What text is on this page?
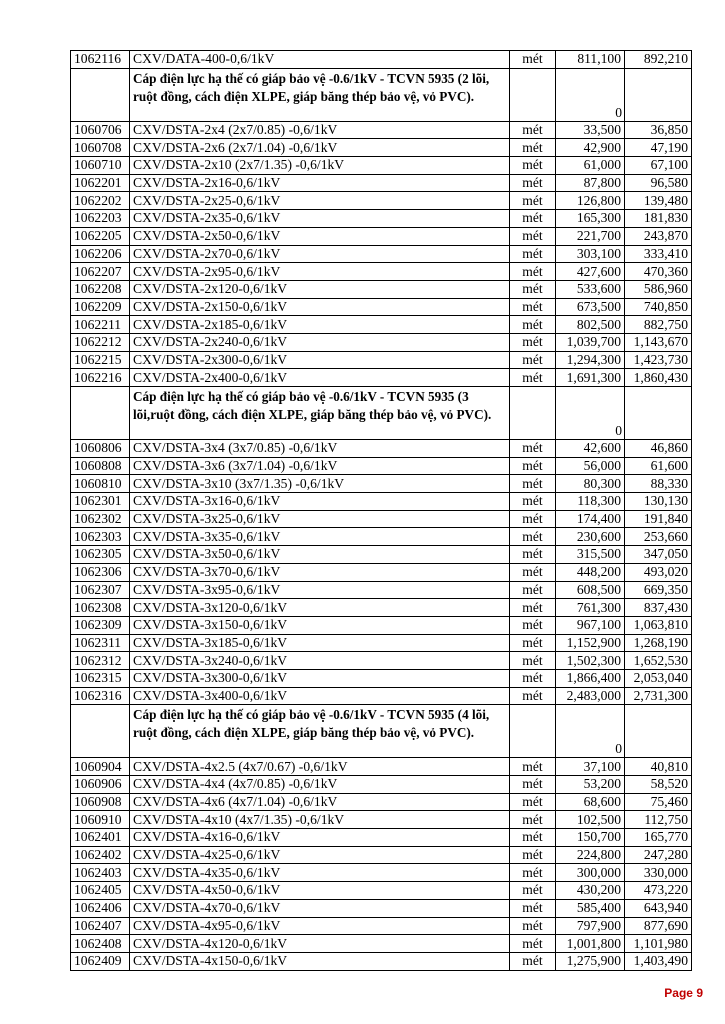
1062116	CXV/DATA-400-0,6/1kV	mét	811,100	892,210
	Cáp điện lực hạ thế có giáp bảo vệ -0.6/1kV - TCVN 5935 (2 lõi, ruột đồng, cách điện XLPE, giáp băng thép bảo vệ, vỏ PVC).		0	
1060706	CXV/DSTA-2x4 (2x7/0.85) -0,6/1kV	mét	33,500	36,850
1060708	CXV/DSTA-2x6 (2x7/1.04) -0,6/1kV	mét	42,900	47,190
1060710	CXV/DSTA-2x10 (2x7/1.35) -0,6/1kV	mét	61,000	67,100
1062201	CXV/DSTA-2x16-0,6/1kV	mét	87,800	96,580
1062202	CXV/DSTA-2x25-0,6/1kV	mét	126,800	139,480
1062203	CXV/DSTA-2x35-0,6/1kV	mét	165,300	181,830
1062205	CXV/DSTA-2x50-0,6/1kV	mét	221,700	243,870
1062206	CXV/DSTA-2x70-0,6/1kV	mét	303,100	333,410
1062207	CXV/DSTA-2x95-0,6/1kV	mét	427,600	470,360
1062208	CXV/DSTA-2x120-0,6/1kV	mét	533,600	586,960
1062209	CXV/DSTA-2x150-0,6/1kV	mét	673,500	740,850
1062211	CXV/DSTA-2x185-0,6/1kV	mét	802,500	882,750
1062212	CXV/DSTA-2x240-0,6/1kV	mét	1,039,700	1,143,670
1062215	CXV/DSTA-2x300-0,6/1kV	mét	1,294,300	1,423,730
1062216	CXV/DSTA-2x400-0,6/1kV	mét	1,691,300	1,860,430
	Cáp điện lực hạ thế có giáp bảo vệ -0.6/1kV - TCVN 5935 (3 lõi,ruột đồng, cách điện XLPE, giáp băng thép bảo vệ, vỏ PVC).		0	
1060806	CXV/DSTA-3x4 (3x7/0.85) -0,6/1kV	mét	42,600	46,860
1060808	CXV/DSTA-3x6 (3x7/1.04) -0,6/1kV	mét	56,000	61,600
1060810	CXV/DSTA-3x10 (3x7/1.35) -0,6/1kV	mét	80,300	88,330
1062301	CXV/DSTA-3x16-0,6/1kV	mét	118,300	130,130
1062302	CXV/DSTA-3x25-0,6/1kV	mét	174,400	191,840
1062303	CXV/DSTA-3x35-0,6/1kV	mét	230,600	253,660
1062305	CXV/DSTA-3x50-0,6/1kV	mét	315,500	347,050
1062306	CXV/DSTA-3x70-0,6/1kV	mét	448,200	493,020
1062307	CXV/DSTA-3x95-0,6/1kV	mét	608,500	669,350
1062308	CXV/DSTA-3x120-0,6/1kV	mét	761,300	837,430
1062309	CXV/DSTA-3x150-0,6/1kV	mét	967,100	1,063,810
1062311	CXV/DSTA-3x185-0,6/1kV	mét	1,152,900	1,268,190
1062312	CXV/DSTA-3x240-0,6/1kV	mét	1,502,300	1,652,530
1062315	CXV/DSTA-3x300-0,6/1kV	mét	1,866,400	2,053,040
1062316	CXV/DSTA-3x400-0,6/1kV	mét	2,483,000	2,731,300
	Cáp điện lực hạ thế có giáp bảo vệ -0.6/1kV - TCVN 5935 (4 lõi, ruột đồng, cách điện XLPE, giáp băng thép bảo vệ, vỏ PVC).		0	
1060904	CXV/DSTA-4x2.5 (4x7/0.67) -0,6/1kV	mét	37,100	40,810
1060906	CXV/DSTA-4x4 (4x7/0.85) -0,6/1kV	mét	53,200	58,520
1060908	CXV/DSTA-4x6 (4x7/1.04) -0,6/1kV	mét	68,600	75,460
1060910	CXV/DSTA-4x10 (4x7/1.35) -0,6/1kV	mét	102,500	112,750
1062401	CXV/DSTA-4x16-0,6/1kV	mét	150,700	165,770
1062402	CXV/DSTA-4x25-0,6/1kV	mét	224,800	247,280
1062403	CXV/DSTA-4x35-0,6/1kV	mét	300,000	330,000
1062405	CXV/DSTA-4x50-0,6/1kV	mét	430,200	473,220
1062406	CXV/DSTA-4x70-0,6/1kV	mét	585,400	643,940
1062407	CXV/DSTA-4x95-0,6/1kV	mét	797,900	877,690
1062408	CXV/DSTA-4x120-0,6/1kV	mét	1,001,800	1,101,980
1062409	CXV/DSTA-4x150-0,6/1kV	mét	1,275,900	1,403,490
Page 9
